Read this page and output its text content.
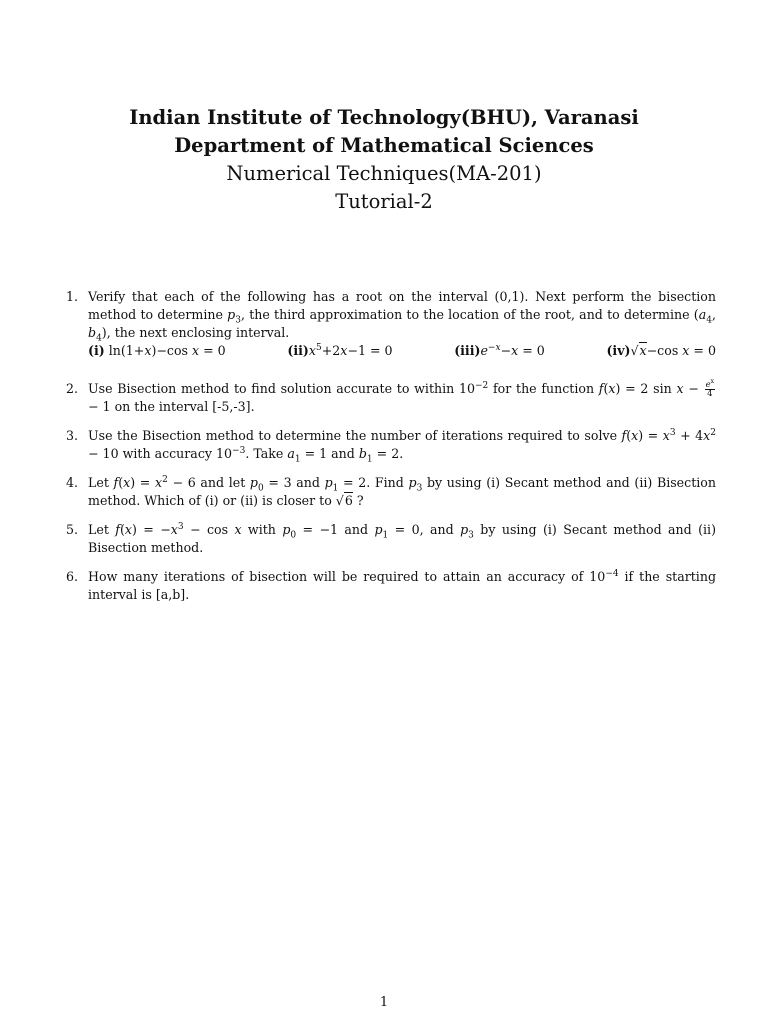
Indian Institute of Technology(BHU), Varanasi
Department of Mathematical Sciences
Numerical Techniques(MA-201)
Tutorial-2
1. Verify that each of the following has a root on the interval (0,1). Next perform the bisection method to determine $p_3$, the third approximation to the location of the root, and to determine ($a_4$, $b_4$), the next enclosing interval.
(i) ln(1+x)−cos x = 0	$(ii)x^5+2x-1 = 0$	$(iii)e^{-x}-x = 0$	(iv)√x−cos x = 0
2. Use Bisection method to find solution accurate to within $10^{-2}$ for the function f(x) = 2 $\sin x - \frac{e^x}{4}$
− 1 on the interval [-5,-3].
3. Use the Bisection method to determine the number of iterations required to solve $f(x) = x^3 + 4x^2 - 10$ with accuracy $10^{-3}$. Take $a_1 = 1$ and $b_1 = 2$.
4. Let $f(x) = x^2 - 6$ and let $p_0 = 3$ and $p_1 = 2$. Find $p_3$ by using (i) Secant method and (ii) Bisection method. Which of (i) or (ii) is closer to √6 ?
5. Let $f(x) = -x^3 - \cos x$ with $p_0 = -1$ and $p_1 = 0$, and $p_3$ by using (i) Secant method and (ii) Bisection method.
6. How many iterations of bisection will be required to attain an accuracy of $10^{-4}$ if the starting interval is [a,b].
1
